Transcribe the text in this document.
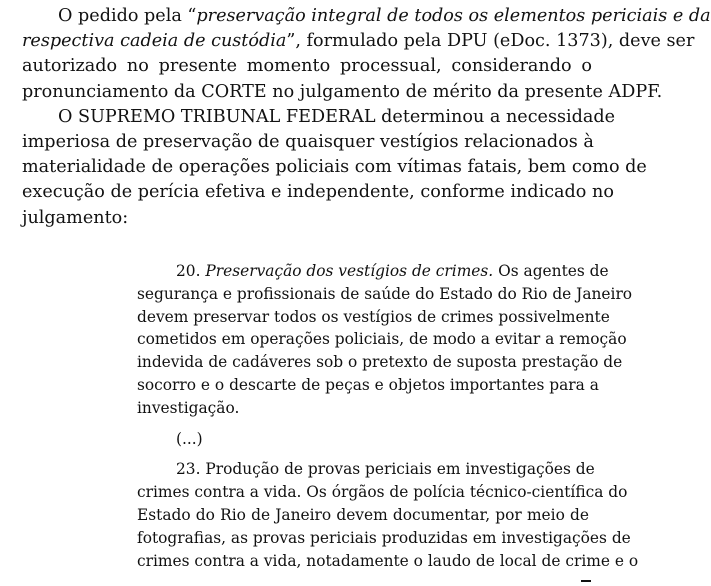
O pedido pela “preservação integral de todos os elementos periciais e da
respectiva cadeia de custódia”, formulado pela DPU (eDoc. 1373), deve ser
autorizado no presente momento processual, considerando o
pronunciamento da CORTE no julgamento de mérito da presente ADPF.
O SUPREMO TRIBUNAL FEDERAL determinou a necessidade
imperiosa de preservação de quaisquer vestígios relacionados à
materialidade de operações policiais com vítimas fatais, bem como de
execução de perícia efetiva e independente, conforme indicado no
julgamento:
20. Preservação dos vestígios de crimes. Os agentes de
segurança e profissionais de saúde do Estado do Rio de Janeiro
devem preservar todos os vestígios de crimes possivelmente
cometidos em operações policiais, de modo a evitar a remoção
indevida de cadáveres sob o pretexto de suposta prestação de
socorro e o descarte de peças e objetos importantes para a
investigação.
(...)
23. Produção de provas periciais em investigações de
crimes contra a vida. Os órgãos de polícia técnico-científica do
Estado do Rio de Janeiro devem documentar, por meio de
fotografias, as provas periciais produzidas em investigações de
crimes contra a vida, notadamente o laudo de local de crime e o
